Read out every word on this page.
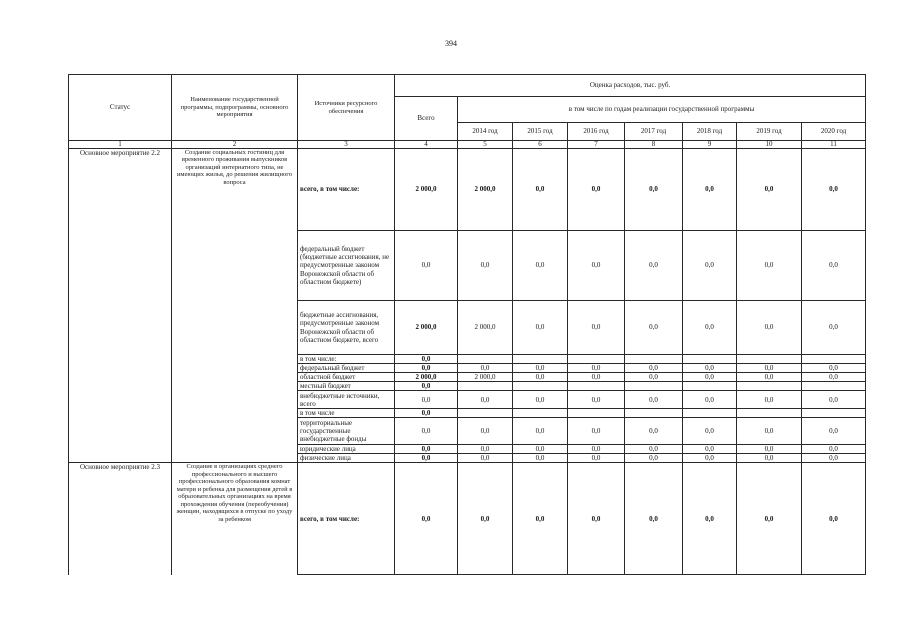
394
Статус	Наименование государственной программы, подпрограммы, основного мероприятия	Источники ресурсного обеспечения	Оценка расходов, тыс. руб.							
			Всего	в том числе по годам реализации государственной программы						
				2014 год	2015 год	2016 год	2017 год	2018 год	2019 год	2020 год
1	2	3	4	5	6	7	8	9	10	11
Основное мероприятие 2.2	Создание социальных гостиниц для временного проживания выпускников организаций интернатного типа, не имеющих жилья, до решения жилищного вопроса	всего, в том числе:	2 000,0	2 000,0	0,0	0,0	0,0	0,0	0,0	0,0
		федеральный бюджет (бюджетные ассигнования, не предусмотренные законом Воронежской области об областном бюджете)	0,0	0,0	0,0	0,0	0,0	0,0	0,0	0,0
		бюджетные ассигнования, предусмотренные законом Воронежской области об областном бюджете, всего	2 000,0	2 000,0	0,0	0,0	0,0	0,0	0,0	0,0
		в том числе:	0,0							
		федеральный бюджет	0,0	0,0	0,0	0,0	0,0	0,0	0,0	0,0
		областной бюджет	2 000,0	2 000,0	0,0	0,0	0,0	0,0	0,0	0,0
		местный бюджет	0,0							
		внебюджетные источники, всего	0,0	0,0	0,0	0,0	0,0	0,0	0,0	0,0
		в том числе	0,0							
		территориальные государственные внебюджетные фонды	0,0	0,0	0,0	0,0	0,0	0,0	0,0	0,0
		юридические лица	0,0	0,0	0,0	0,0	0,0	0,0	0,0	0,0
		физические лица	0,0	0,0	0,0	0,0	0,0	0,0	0,0	0,0
Основное мероприятие 2.3	Создание в организациях среднего профессионального и высшего профессионального образования комнат матери и ребенка для размещения детей в образовательных организациях на время прохождения обучения (переобучения) женщин, находящихся в отпуске по уходу за ребенком	всего, в том числе:	0,0	0,0	0,0	0,0	0,0	0,0	0,0	0,0
